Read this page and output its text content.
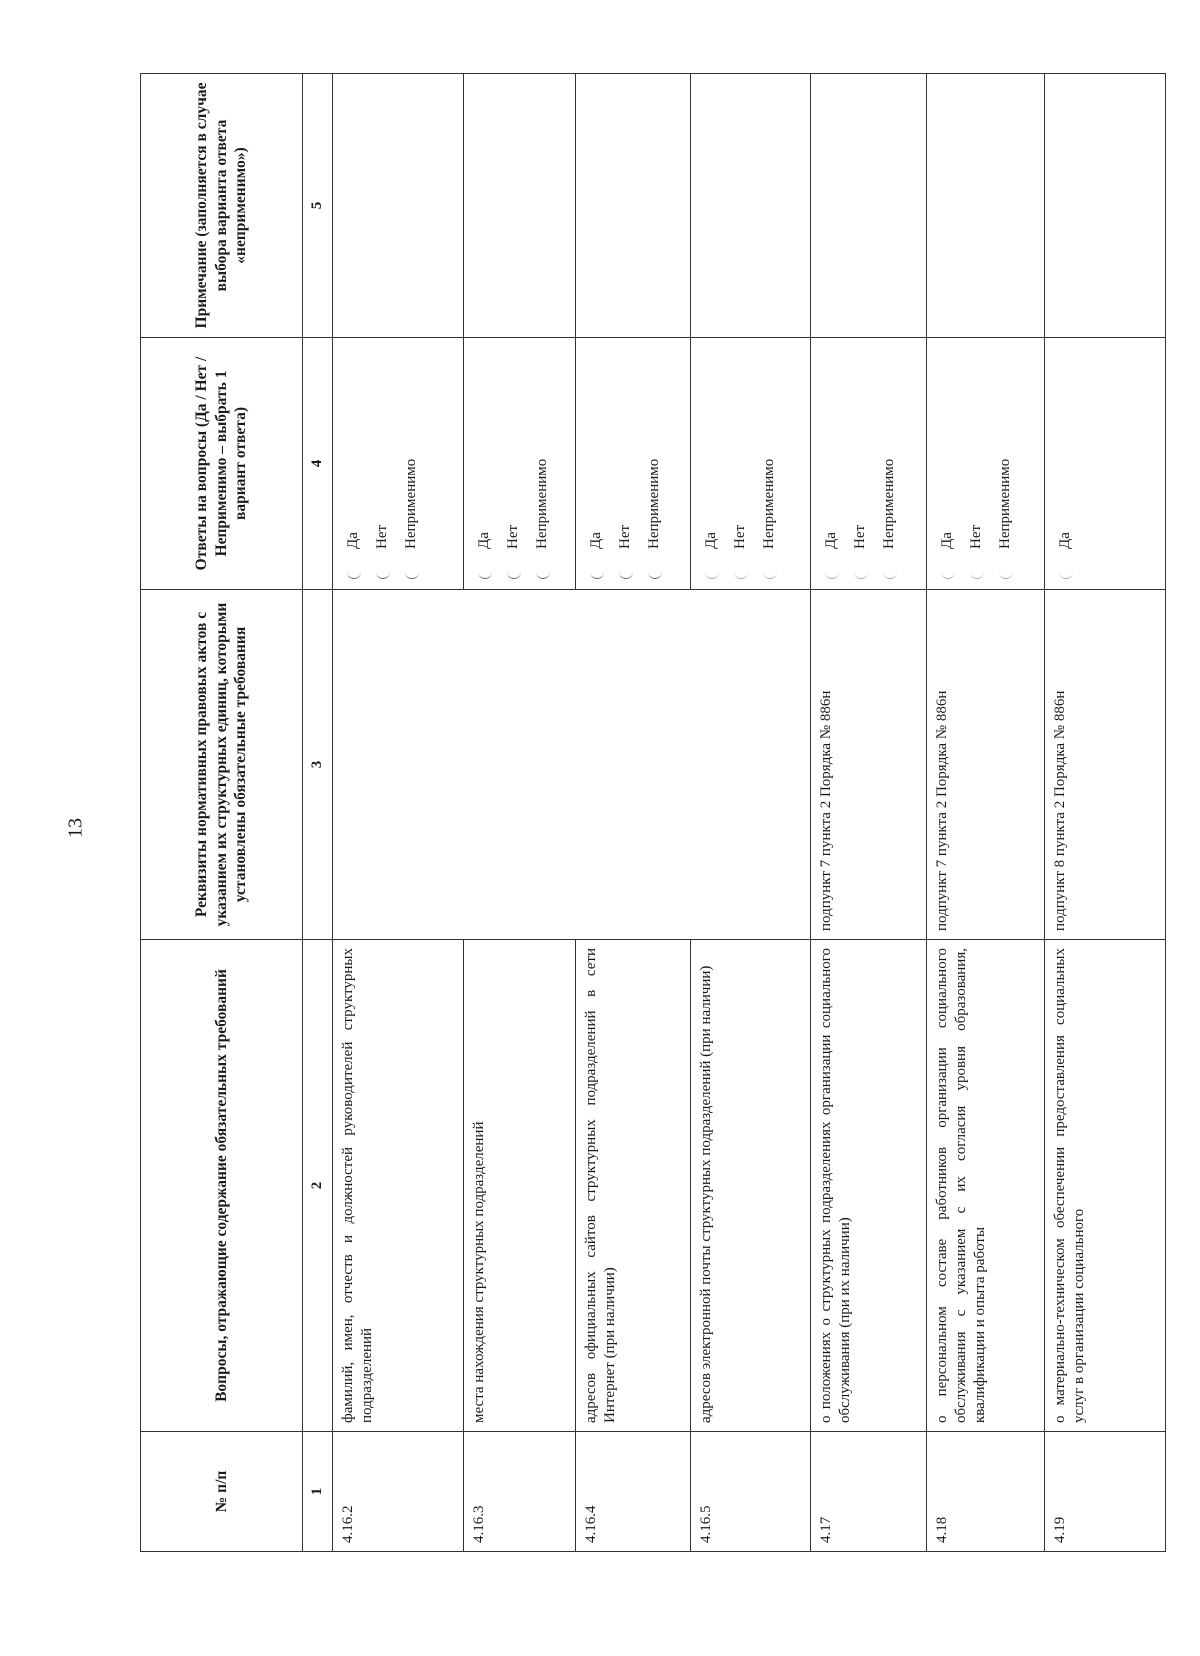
13
№ п/п	Вопросы, отражающие содержание обязательных требований	Реквизиты нормативных правовых актов с указанием их структурных единиц, которыми установлены обязательные требования	Ответы на вопросы (Да / Нет / Неприменимо – выбрать 1 вариант ответа)	Примечание (заполняется в случае выбора варианта ответа «неприменимо»)
1	2	3	4	5
4.16.2	фамилий, имен, отчеств и должностей руководителей структурных подразделений		Да Нет Неприменимо	

4.16.3	места нахождения структурных подразделений		Да Нет Неприменимо	

4.16.4	адресов официальных сайтов структурных подразделений в сети Интернет (при наличии)		Да Нет Неприменимо	

4.16.5	адресов электронной почты структурных подразделений (при наличии)		Да Нет Неприменимо	

4.17	о положениях о структурных подразделениях организации социального обслуживания (при их наличии)	подпункт 7 пункта 2 Порядка № 886н	Да Нет Неприменимо	

4.18	о персональном составе работников организации социального обслуживания с указанием с их согласия уровня образования, квалификации и опыта работы	подпункт 7 пункта 2 Порядка № 886н	Да Нет Неприменимо	

4.19	о материально-техническом обеспечении предоставления социальных услуг в организации социального	подпункт 8 пункта 2 Порядка № 886н	Да	
